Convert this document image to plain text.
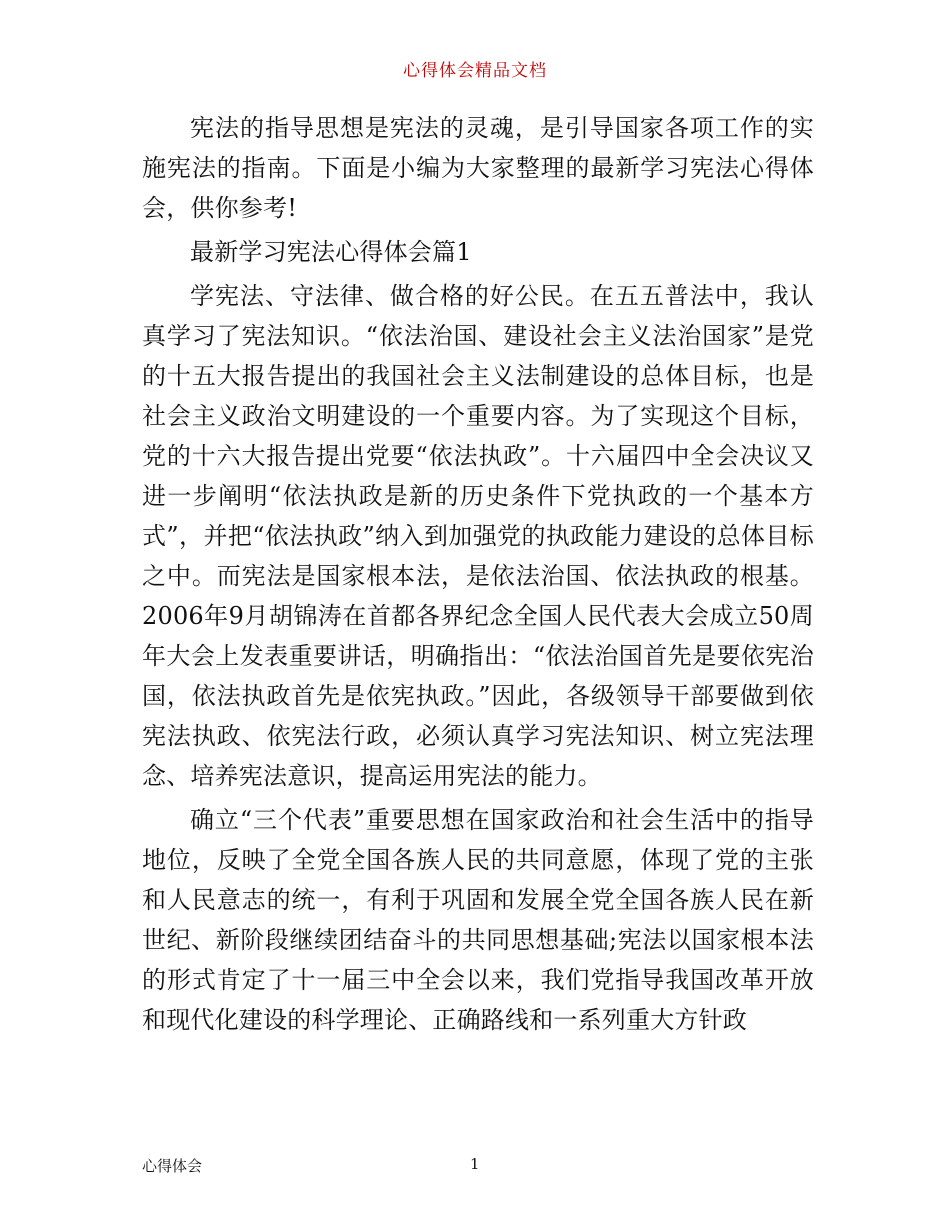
心得体会精品文档

宪法的指导思想是宪法的灵魂，是引导国家各项工作的实施宪法的指南。下面是小编为大家整理的最新学习宪法心得体会，供你参考!

最新学习宪法心得体会篇1

学宪法、守法律、做合格的好公民。在五五普法中，我认真学习了宪法知识。“依法治国、建设社会主义法治国家”是党的十五大报告提出的我国社会主义法制建设的总体目标，也是社会主义政治文明建设的一个重要内容。为了实现这个目标，党的十六大报告提出党要“依法执政”。十六届四中全会决议又进一步阐明“依法执政是新的历史条件下党执政的一个基本方式”，并把“依法执政”纳入到加强党的执政能力建设的总体目标之中。而宪法是国家根本法，是依法治国、依法执政的根基。2006年9月胡锦涛在首都各界纪念全国人民代表大会成立50周年大会上发表重要讲话，明确指出：“依法治国首先是要依宪治国，依法执政首先是依宪执政。”因此，各级领导干部要做到依宪法执政、依宪法行政，必须认真学习宪法知识、树立宪法理念、培养宪法意识，提高运用宪法的能力。

确立“三个代表”重要思想在国家政治和社会生活中的指导地位，反映了全党全国各族人民的共同意愿，体现了党的主张和人民意志的统一，有利于巩固和发展全党全国各族人民在新世纪、新阶段继续团结奋斗的共同思想基础;宪法以国家根本法的形式肯定了十一届三中全会以来，我们党指导我国改革开放和现代化建设的科学理论、正确路线和一系列重大方针政

心得体会	1
